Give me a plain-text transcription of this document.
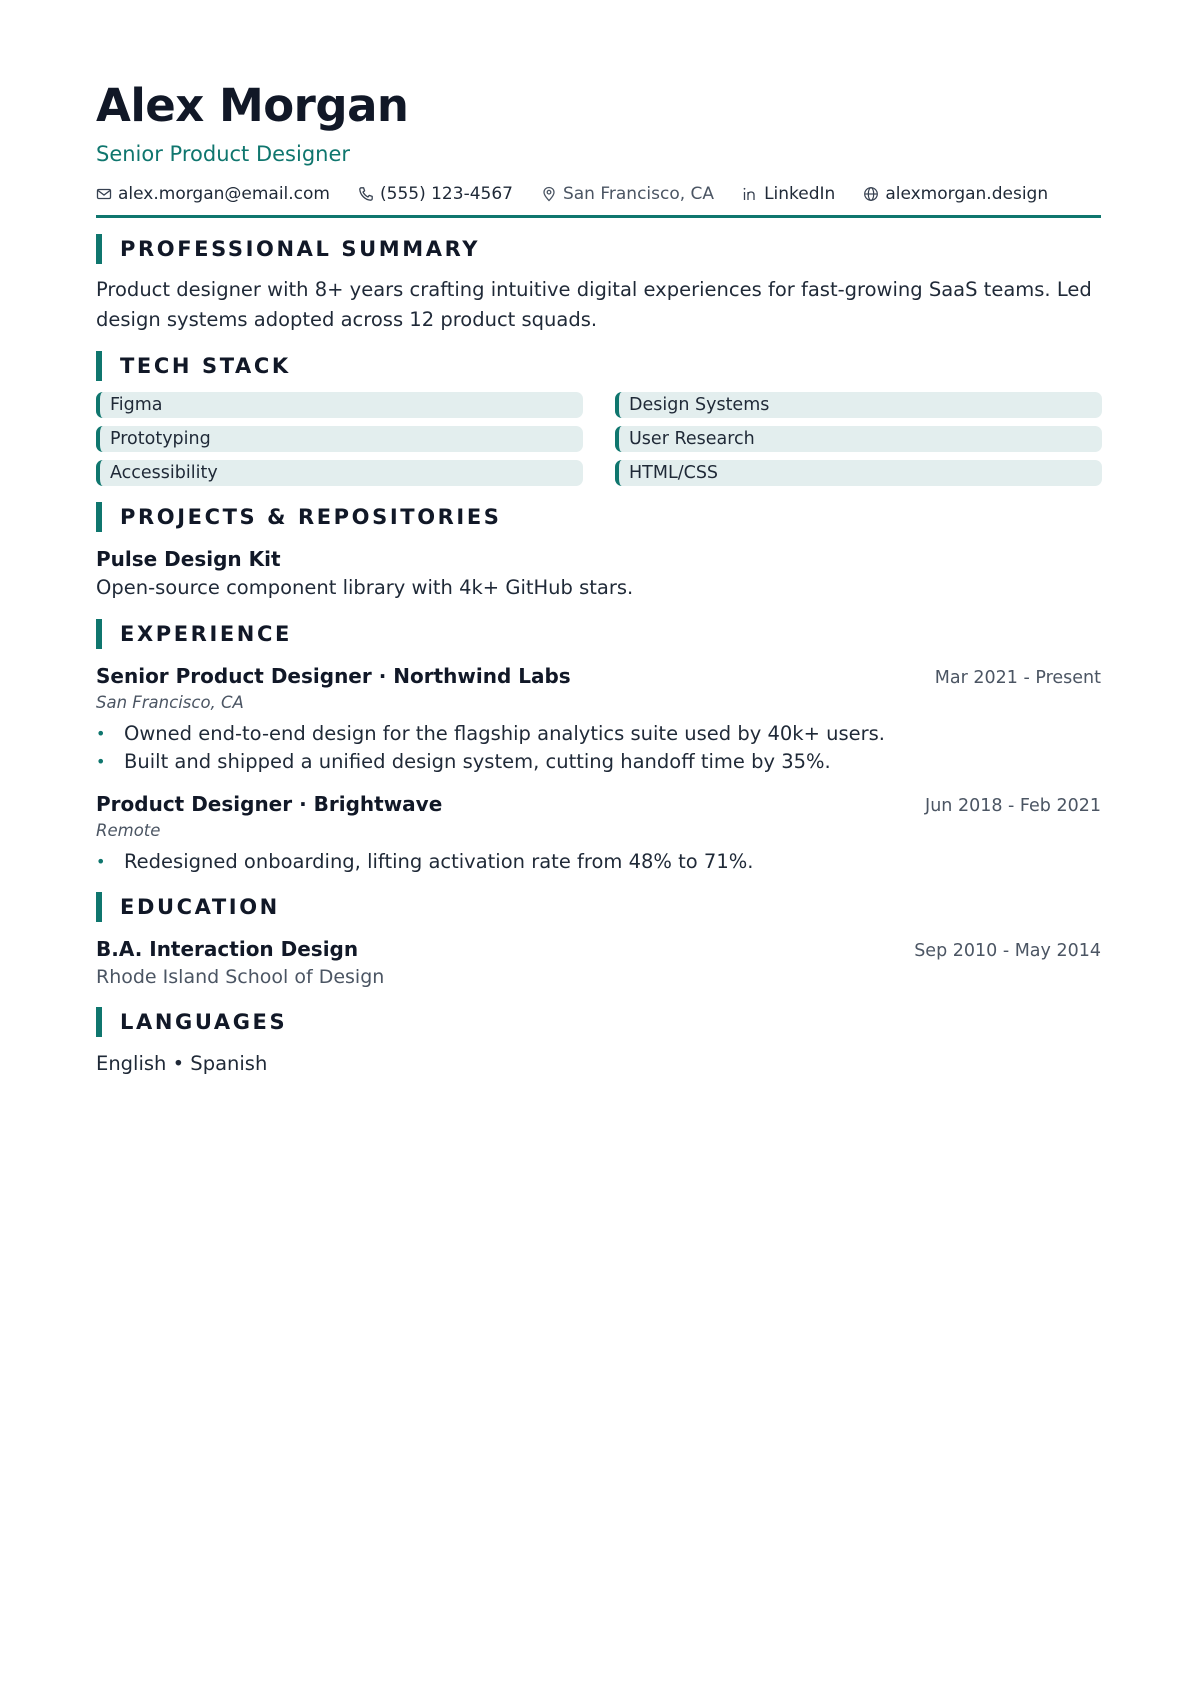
Alex Morgan
Senior Product Designer
alex.morgan@email.com	(555) 123-4567	San Francisco, CA	LinkedIn	alexmorgan.design
PROFESSIONAL SUMMARY
Product designer with 8+ years crafting intuitive digital experiences for fast-growing SaaS teams. Led design systems adopted across 12 product squads.
TECH STACK
Figma	Design Systems
Prototyping	User Research
Accessibility	HTML/CSS
PROJECTS & REPOSITORIES
Pulse Design Kit
Open-source component library with 4k+ GitHub stars.
EXPERIENCE
Senior Product Designer · Northwind Labs	Mar 2021 - Present
San Francisco, CA
• Owned end-to-end design for the flagship analytics suite used by 40k+ users.
• Built and shipped a unified design system, cutting handoff time by 35%.
Product Designer · Brightwave	Jun 2018 - Feb 2021
Remote
• Redesigned onboarding, lifting activation rate from 48% to 71%.
EDUCATION
B.A. Interaction Design	Sep 2010 - May 2014
Rhode Island School of Design
LANGUAGES
English • Spanish
